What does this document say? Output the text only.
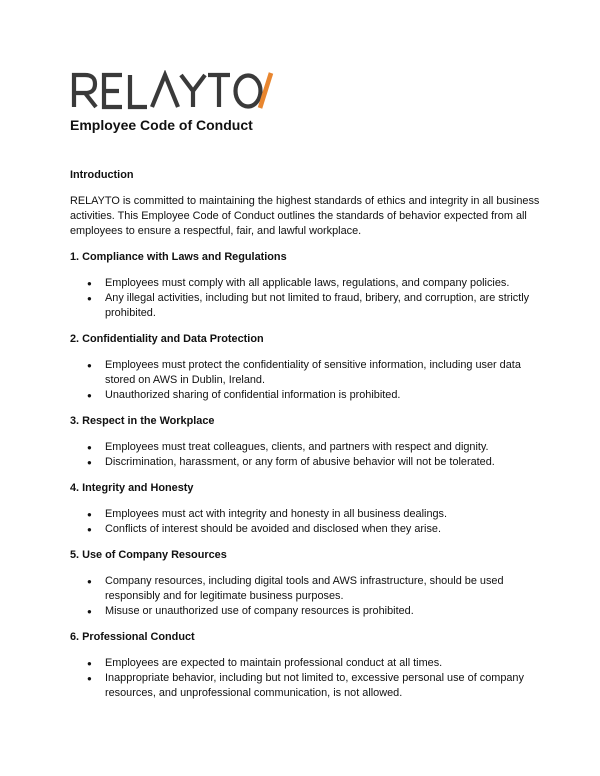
Employee Code of Conduct

Introduction

RELAYTO is committed to maintaining the highest standards of ethics and integrity in all business activities. This Employee Code of Conduct outlines the standards of behavior expected from all employees to ensure a respectful, fair, and lawful workplace.

1. Compliance with Laws and Regulations

● Employees must comply with all applicable laws, regulations, and company policies.
● Any illegal activities, including but not limited to fraud, bribery, and corruption, are strictly prohibited.

2. Confidentiality and Data Protection

● Employees must protect the confidentiality of sensitive information, including user data stored on AWS in Dublin, Ireland.
● Unauthorized sharing of confidential information is prohibited.

3. Respect in the Workplace

● Employees must treat colleagues, clients, and partners with respect and dignity.
● Discrimination, harassment, or any form of abusive behavior will not be tolerated.

4. Integrity and Honesty

● Employees must act with integrity and honesty in all business dealings.
● Conflicts of interest should be avoided and disclosed when they arise.

5. Use of Company Resources

● Company resources, including digital tools and AWS infrastructure, should be used responsibly and for legitimate business purposes.
● Misuse or unauthorized use of company resources is prohibited.

6. Professional Conduct

● Employees are expected to maintain professional conduct at all times.
● Inappropriate behavior, including but not limited to, excessive personal use of company resources, and unprofessional communication, is not allowed.
